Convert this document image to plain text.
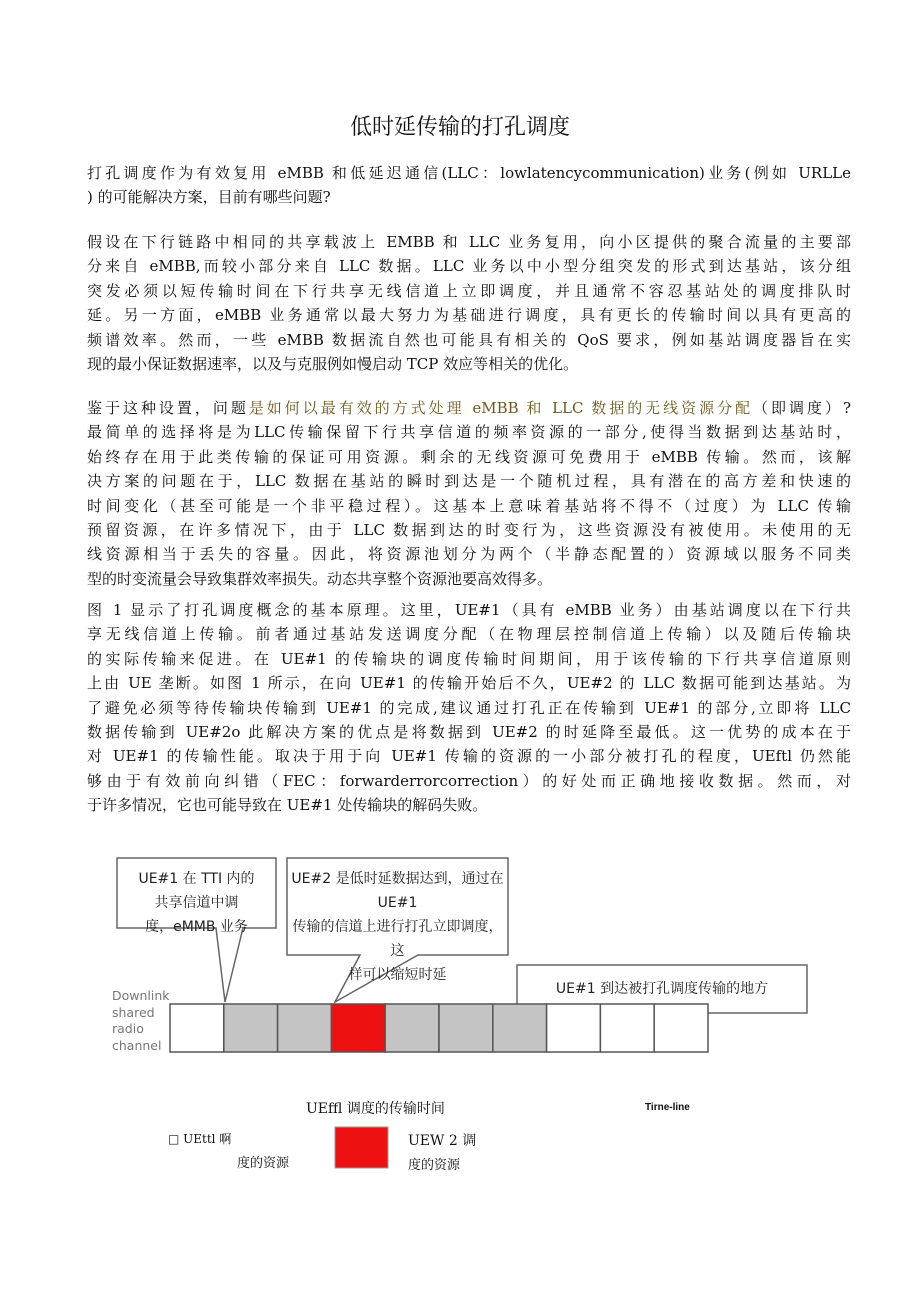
低时延传输的打孔调度
打孔调度作为有效复用 eMBB 和低延迟通信(LLC：lowlatencycommunication)业务(例如 URLLe
) 的可能解决方案，目前有哪些问题?
假设在下行链路中相同的共享载波上 EMBB 和 LLC 业务复用，向小区提供的聚合流量的主要部
分来自 eMBB,而较小部分来自 LLC 数据。LLC 业务以中小型分组突发的形式到达基站，该分组
突发必须以短传输时间在下行共享无线信道上立即调度，并且通常不容忍基站处的调度排队时
延。另一方面，eMBB 业务通常以最大努力为基础进行调度，具有更长的传输时间以具有更高的
频谱效率。然而，一些 eMBB 数据流自然也可能具有相关的 QoS 要求，例如基站调度器旨在实
现的最小保证数据速率，以及与克服例如慢启动 TCP 效应等相关的优化。
鉴于这种设置，问题是如何以最有效的方式处理 eMBB 和 LLC 数据的无线资源分配（即调度）?
最简单的选择将是为LLC传输保留下行共享信道的频率资源的一部分,使得当数据到达基站时，
始终存在用于此类传输的保证可用资源。剩余的无线资源可免费用于 eMBB 传输。然而，该解
决方案的问题在于，LLC 数据在基站的瞬时到达是一个随机过程，具有潜在的高方差和快速的
时间变化（甚至可能是一个非平稳过程）。这基本上意味着基站将不得不（过度）为 LLC 传输
预留资源，在许多情况下，由于 LLC 数据到达的时变行为，这些资源没有被使用。未使用的无
线资源相当于丢失的容量。因此，将资源池划分为两个（半静态配置的）资源域以服务不同类
型的时变流量会导致集群效率损失。动态共享整个资源池要高效得多。
图 1 显示了打孔调度概念的基本原理。这里，UE#1（具有 eMBB 业务）由基站调度以在下行共
享无线信道上传输。前者通过基站发送调度分配（在物理层控制信道上传输）以及随后传输块
的实际传输来促进。在 UE#1 的传输块的调度传输时间期间，用于该传输的下行共享信道原则
上由 UE 垄断。如图 1 所示，在向 UE#1 的传输开始后不久，UE#2 的 LLC 数据可能到达基站。为
了避免必须等待传输块传输到 UE#1 的完成,建议通过打孔正在传输到 UE#1 的部分,立即将 LLC
数据传输到 UE#2o 此解决方案的优点是将数据到 UE#2 的时延降至最低。这一优势的成本在于
对 UE#1 的传输性能。取决于用于向 UE#1 传输的资源的一小部分被打孔的程度，UEftl 仍然能
够由于有效前向纠错（FEC：forwarderrorcorrection）的好处而正确地接收数据。然而，对
于许多情况，它也可能导致在 UE#1 处传输块的解码失败。
UE#1 在 TTI 内的
共享信道中调
度，eMMB 业务
UE#2 是低时延数据达到，通过在 UE#1
传输的信道上进行打孔立即调度，这
样可以缩短时延
UE#1 到达被打孔调度传输的地方
Downlink
shared
radio
channel
UEffl 调度的传输时间	Tirne-line
□ UEttl 啊
度的资源
UEW 2 调
度的资源
